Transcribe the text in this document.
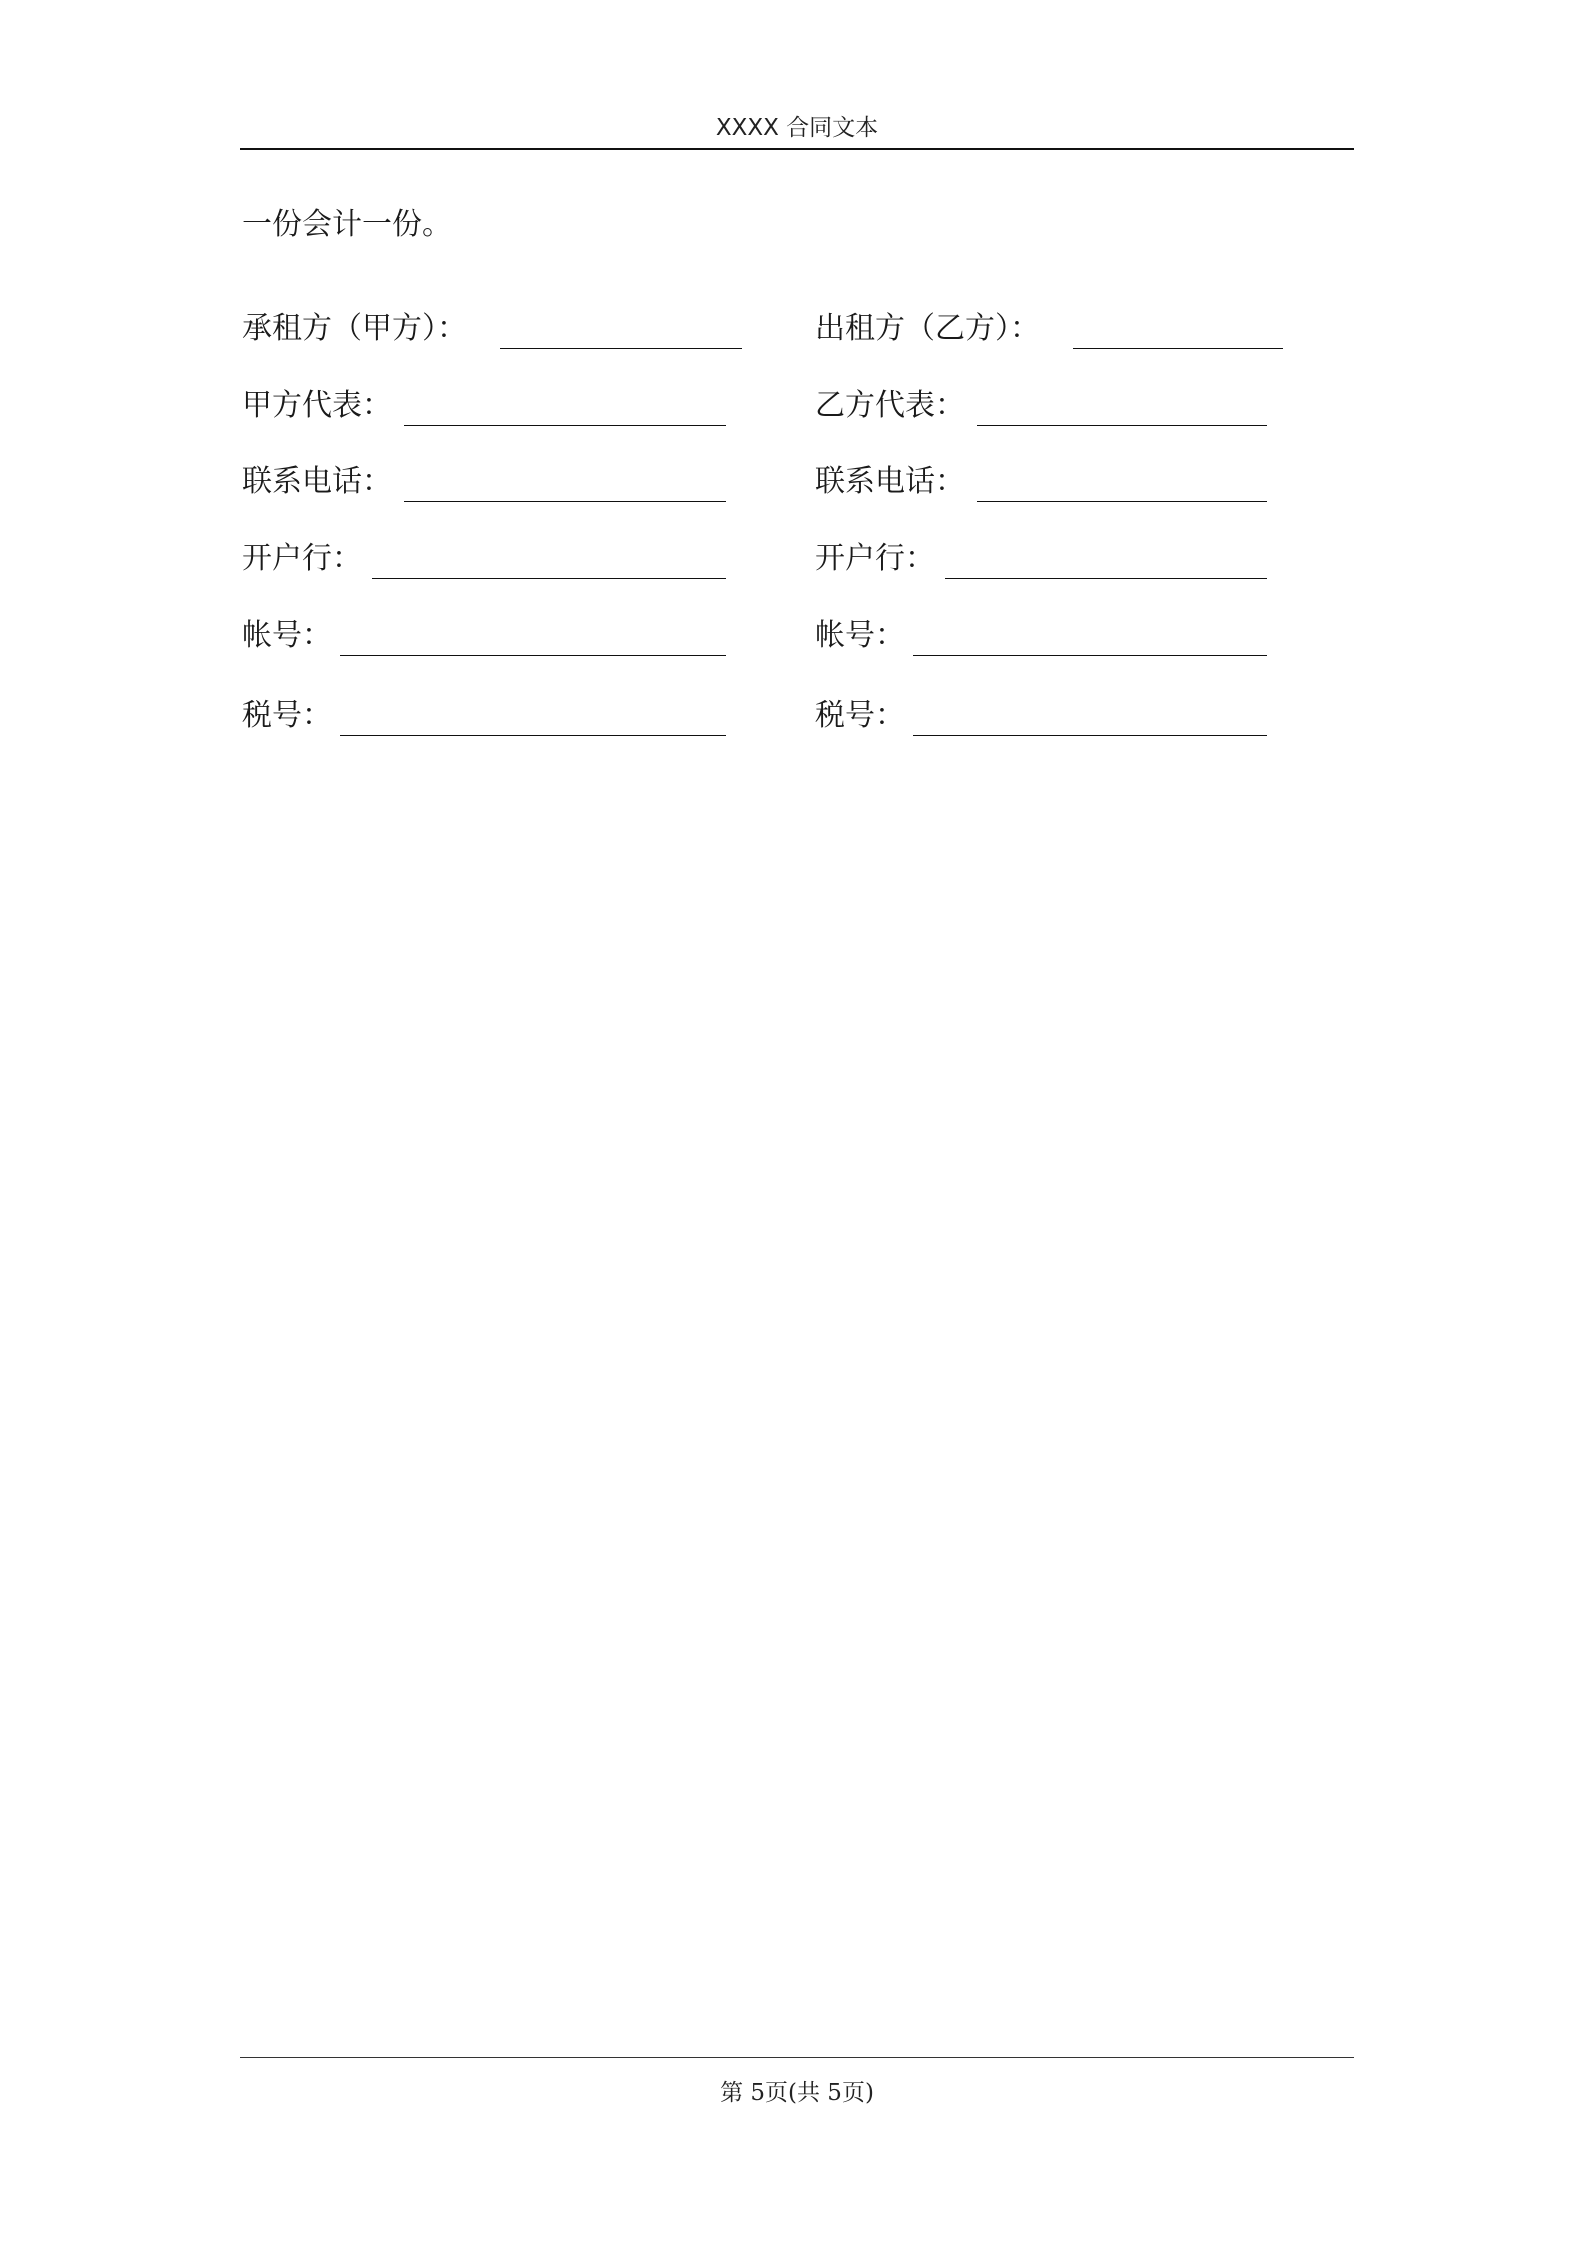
XXXX 合同文本
一份会计一份。
承租方（甲方）：
甲方代表：
联系电话：
开户行：
帐号：
税号：
出租方（乙方）：
乙方代表：
联系电话：
开户行：
帐号：
税号：
第 5页(共 5页)
